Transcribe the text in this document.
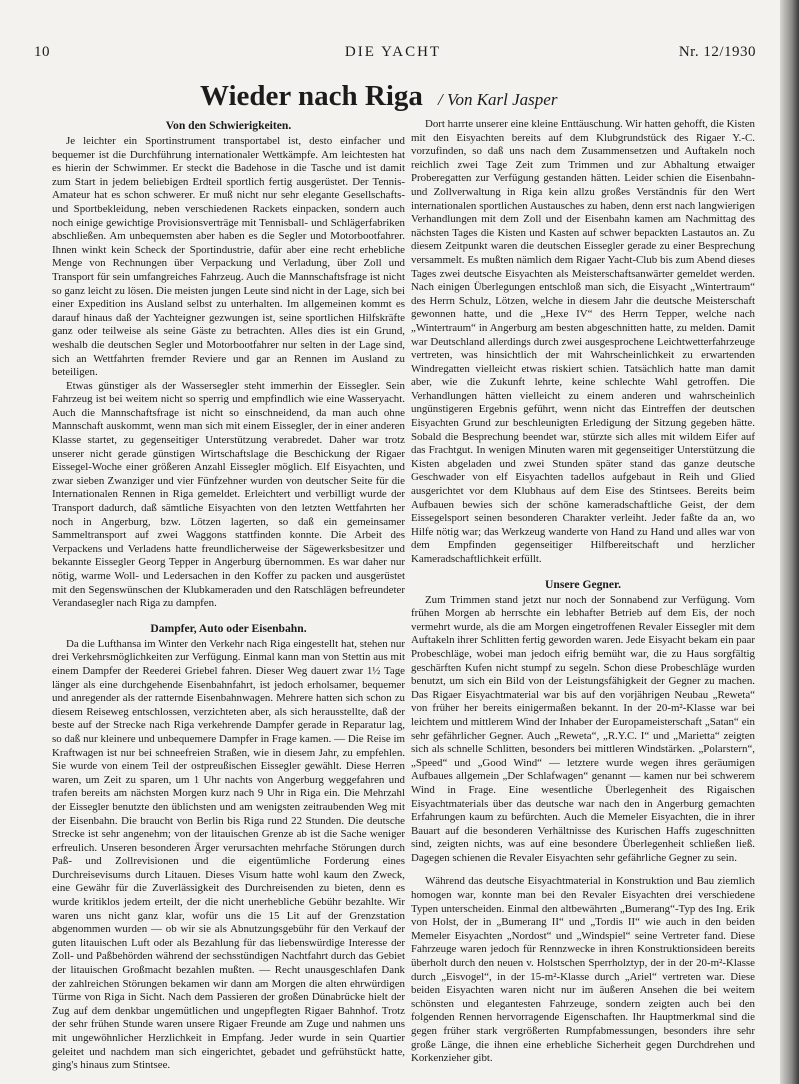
10	DIE YACHT	Nr. 12/1930
Wieder nach Riga / Von Karl Jasper
Von den Schwierigkeiten.

Je leichter ein Sportinstrument transportabel ist, desto einfacher und bequemer ist die Durchführung internationaler Wettkämpfe. Am leichtesten hat es hierin der Schwimmer. Er steckt die Badehose in die Tasche und ist damit zum Start in jedem beliebigen Erdteil sportlich fertig ausgerüstet. Der Tennis-Amateur hat es schon schwerer. Er muß nicht nur sehr elegante Gesellschafts- und Sportbekleidung, neben verschiedenen Rackets einpacken, sondern auch noch einige gewichtige Provisionsverträge mit Tennisball- und Schlägerfabriken abschließen. Am unbequemsten aber haben es die Segler und Motorbootfahrer. Ihnen winkt kein Scheck der Sportindustrie, dafür aber eine recht erhebliche Menge von Rechnungen über Verpackung und Verladung, über Zoll und Transport für sein umfangreiches Fahrzeug. Auch die Mannschaftsfrage ist nicht so ganz leicht zu lösen. Die meisten jungen Leute sind nicht in der Lage, sich bei einer Expedition ins Ausland selbst zu unterhalten. Im allgemeinen kommt es darauf hinaus daß der Yachteigner gezwungen ist, seine sportlichen Hilfskräfte ganz oder teilweise als seine Gäste zu betrachten. Alles dies ist ein Grund, weshalb die deutschen Segler und Motorbootfahrer nur selten in der Lage sind, sich an Wettfahrten fremder Reviere und gar an Rennen im Ausland zu beteiligen.

Etwas günstiger als der Wassersegler steht immerhin der Eissegler. Sein Fahrzeug ist bei weitem nicht so sperrig und empfindlich wie eine Wasseryacht. Auch die Mannschaftsfrage ist nicht so einschneidend, da man auch ohne Mannschaft auskommt, wenn man sich mit einem Eissegler, der in einer anderen Klasse startet, zu gegenseitiger Unterstützung verabredet. Daher war trotz unserer nicht gerade günstigen Wirtschaftslage die Beschickung der Rigaer Eissegel-Woche einer größeren Anzahl Eissegler möglich. Elf Eisyachten, und zwar sieben Zwanziger und vier Fünfzehner wurden von deutscher Seite für die Internationalen Rennen in Riga gemeldet. Erleichtert und verbilligt wurde der Transport dadurch, daß sämtliche Eisyachten von den letzten Wettfahrten her noch in Angerburg, bzw. Lötzen lagerten, so daß ein gemeinsamer Sammeltransport auf zwei Waggons stattfinden konnte. Die Arbeit des Verpackens und Verladens hatte freundlicherweise der Sägewerksbesitzer und bekannte Eissegler Georg Tepper in Angerburg übernommen. Es war daher nur nötig, warme Woll- und Ledersachen in den Koffer zu packen und ausgerüstet mit den Segenswünschen der Klubkameraden und den Ratschlägen befreundeter Verandasegler nach Riga zu dampfen.

Dampfer, Auto oder Eisenbahn.

Da die Lufthansa im Winter den Verkehr nach Riga eingestellt hat, stehen nur drei Verkehrsmöglichkeiten zur Verfügung. Einmal kann man von Stettin aus mit einem Dampfer der Reederei Griebel fahren. Dieser Weg dauert zwar 1½ Tage länger als eine durchgehende Eisenbahnfahrt, ist jedoch erholsamer, bequemer und anregender als der ratternde Eisenbahnwagen. Mehrere hatten sich schon zu diesem Reiseweg entschlossen, verzichteten aber, als sich herausstellte, daß der beste auf der Strecke nach Riga verkehrende Dampfer gerade in Reparatur lag, so daß nur kleinere und unbequemere Dampfer in Frage kamen. — Die Reise im Kraftwagen ist nur bei schneefreien Straßen, wie in diesem Jahr, zu empfehlen. Sie wurde von einem Teil der ostpreußischen Eissegler gewählt. Diese Herren waren, um Zeit zu sparen, um 1 Uhr nachts von Angerburg weggefahren und trafen bereits am nächsten Morgen kurz nach 9 Uhr in Riga ein. Die Mehrzahl der Eissegler benutzte den üblichsten und am wenigsten zeitraubenden Weg mit der Eisenbahn. Die braucht von Berlin bis Riga rund 22 Stunden. Die deutsche Strecke ist sehr angenehm; von der litauischen Grenze ab ist die Sache weniger erfreulich. Unseren besonderen Ärger verursachten mehrfache Störungen durch Paß- und Zollrevisionen und die eigentümliche Forderung eines Durchreisevisums durch Litauen. Dieses Visum hatte wohl kaum den Zweck, eine Gewähr für die Zuverlässigkeit des Durchreisenden zu bieten, denn es wurde kritiklos jedem erteilt, der die nicht unerhebliche Gebühr bezahlte. Wir waren uns nicht ganz klar, wofür uns die 15 Lit auf der Grenzstation abgenommen wurden — ob wir sie als Abnutzungsgebühr für den Verkauf der guten litauischen Luft oder als Bezahlung für das liebenswürdige Interesse der Zoll- und Paßbehörden während der sechsstündigen Nachtfahrt durch das Gebiet der litauischen Großmacht bezahlen mußten. — Recht unausgeschlafen Dank der zahlreichen Störungen bekamen wir dann am Morgen die alten ehrwürdigen Türme von Riga in Sicht. Nach dem Passieren der großen Dünabrücke hielt der Zug auf dem denkbar ungemütlichen und ungepflegten Rigaer Bahnhof. Trotz der sehr frühen Stunde waren unsere Rigaer Freunde am Zuge und nahmen uns mit ungewöhnlicher Herzlichkeit in Empfang. Jeder wurde in sein Quartier geleitet und nachdem man sich eingerichtet, gebadet und gefrühstückt hatte, ging's hinaus zum Stintsee.

Dort harrte unserer eine kleine Enttäuschung. Wir hatten gehofft, die Kisten mit den Eisyachten bereits auf dem Klubgrundstück des Rigaer Y.-C. vorzufinden, so daß uns nach dem Zusammensetzen und Auftakeln noch reichlich zwei Tage Zeit zum Trimmen und zur Abhaltung etwaiger Proberegatten zur Verfügung gestanden hätten. Leider schien die Eisenbahn- und Zollverwaltung in Riga kein allzu großes Verständnis für den Wert internationalen sportlichen Austausches zu haben, denn erst nach langwierigen Verhandlungen mit dem Zoll und der Eisenbahn kamen am Nachmittag des nächsten Tages die Kisten und Kasten auf schwer bepackten Lastautos an. Zu diesem Zeitpunkt waren die deutschen Eissegler gerade zu einer Besprechung versammelt. Es mußten nämlich dem Rigaer Yacht-Club bis zum Abend dieses Tages zwei deutsche Eisyachten als Meisterschaftsanwärter gemeldet werden. Nach einigen Überlegungen entschloß man sich, die Eisyacht „Wintertraum“ des Herrn Schulz, Lötzen, welche in diesem Jahr die deutsche Meisterschaft gewonnen hatte, und die „Hexe IV“ des Herrn Tepper, welche nach „Wintertraum“ in Angerburg am besten abgeschnitten hatte, zu melden. Damit war Deutschland allerdings durch zwei ausgesprochene Leichtwetterfahrzeuge vertreten, was hinsichtlich der mit Wahrscheinlichkeit zu erwartenden Windregatten vielleicht etwas riskiert schien. Tatsächlich hatte man damit aber, wie die Zukunft lehrte, keine schlechte Wahl getroffen. Die Verhandlungen hätten vielleicht zu einem anderen und wahrscheinlich ungünstigeren Ergebnis geführt, wenn nicht das Eintreffen der deutschen Eisyachten Grund zur beschleunigten Erledigung der Sitzung gegeben hätte. Sobald die Besprechung beendet war, stürzte sich alles mit wildem Eifer auf das Frachtgut. In wenigen Minuten waren mit gegenseitiger Unterstützung die Kisten abgeladen und zwei Stunden später stand das ganze deutsche Geschwader von elf Eisyachten tadellos aufgebaut in Reih und Glied ausgerichtet vor dem Klubhaus auf dem Eise des Stintsees. Bereits beim Aufbauen bewies sich der schöne kameradschaftliche Geist, der dem Eissegelsport seinen besonderen Charakter verleiht. Jeder faßte da an, wo Hilfe nötig war; das Werkzeug wanderte von Hand zu Hand und alles war von dem Empfinden gegenseitiger Hilfbereitschaft und herzlicher Kameradschaftlichkeit erfüllt.

Unsere Gegner.

Zum Trimmen stand jetzt nur noch der Sonnabend zur Verfügung. Vom frühen Morgen ab herrschte ein lebhafter Betrieb auf dem Eis, der noch vermehrt wurde, als die am Morgen eingetroffenen Revaler Eissegler mit dem Auftakeln ihrer Schlitten fertig geworden waren. Jede Eisyacht bekam ein paar Probeschläge, wobei man jedoch eifrig bemüht war, die zu Haus sorgfältig geschärften Kufen nicht stumpf zu segeln. Schon diese Probeschläge wurden benutzt, um sich ein Bild von der Leistungsfähigkeit der Gegner zu machen. Das Rigaer Eisyachtmaterial war bis auf den vorjährigen Neubau „Reweta“ von früher her bereits einigermaßen bekannt. In der 20-m²-Klasse war bei leichtem und mittlerem Wind der Inhaber der Europameisterschaft „Satan“ ein sehr gefährlicher Gegner. Auch „Reweta“, „R.Y.C. I“ und „Marietta“ zeigten sich als schnelle Schlitten, besonders bei mittleren Windstärken. „Polarstern“, „Speed“ und „Good Wind“ — letztere wurde wegen ihres geräumigen Aufbaues allgemein „Der Schlafwagen“ genannt — kamen nur bei schwerem Wind in Frage. Eine wesentliche Überlegenheit des Rigaischen Eisyachtmaterials über das deutsche war nach den in Angerburg gemachten Erfahrungen kaum zu befürchten. Auch die Memeler Eisyachten, die in ihrer Bauart auf die besonderen Verhältnisse des Kurischen Haffs zugeschnitten sind, zeigten nichts, was auf eine besondere Überlegenheit schließen ließ. Dagegen schienen die Revaler Eisyachten sehr gefährliche Gegner zu sein.

Während das deutsche Eisyachtmaterial in Konstruktion und Bau ziemlich homogen war, konnte man bei den Revaler Eisyachten drei verschiedene Typen unterscheiden. Einmal den altbewährten „Bumerang“-Typ des Ing. Erik von Holst, der in „Bumerang II“ und „Tordis II“ wie auch in den beiden Memeler Eisyachten „Nordost“ und „Windspiel“ seine Vertreter fand. Diese Fahrzeuge waren jedoch für Rennzwecke in ihren Konstruktionsideen bereits überholt durch den neuen v. Holstschen Sperrholztyp, der in der 20-m²-Klasse durch „Eisvogel“, in der 15-m²-Klasse durch „Ariel“ vertreten war. Diese beiden Eisyachten waren nicht nur im äußeren Ansehen die bei weitem schönsten und elegantesten Fahrzeuge, sondern zeigten auch bei den folgenden Rennen hervorragende Eigenschaften. Ihr Hauptmerkmal sind die gegen früher stark vergrößerten Rumpfabmessungen, besonders ihre sehr große Länge, die ihnen eine erhebliche Sicherheit gegen Durchdrehen und Korkenzieher gibt.
